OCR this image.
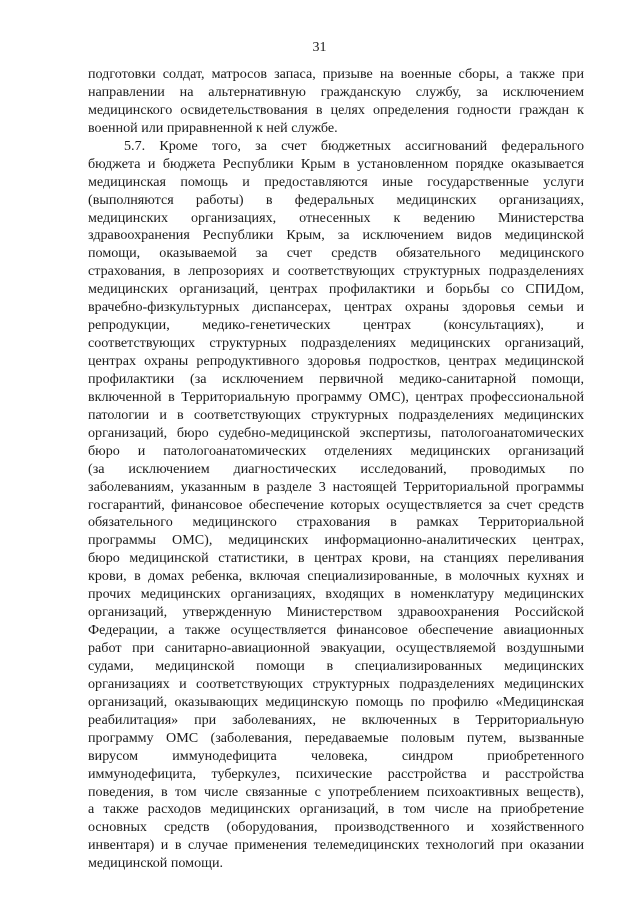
31
подготовки солдат, матросов запаса, призыве на военные сборы, а также при
направлении на альтернативную гражданскую службу, за исключением
медицинского освидетельствования в целях определения годности граждан к
военной или приравненной к ней службе.
5.7. Кроме того, за счет бюджетных ассигнований федерального
бюджета и бюджета Республики Крым в установленном порядке оказывается
медицинская помощь и предоставляются иные государственные услуги
(выполняются работы) в федеральных медицинских организациях,
медицинских организациях, отнесенных к ведению Министерства
здравоохранения Республики Крым, за исключением видов медицинской
помощи, оказываемой за счет средств обязательного медицинского
страхования, в лепрозориях и соответствующих структурных подразделениях
медицинских организаций, центрах профилактики и борьбы со СПИДом,
врачебно-физкультурных диспансерах, центрах охраны здоровья семьи и
репродукции, медико-генетических центрах (консультациях), и
соответствующих структурных подразделениях медицинских организаций,
центрах охраны репродуктивного здоровья подростков, центрах медицинской
профилактики (за исключением первичной медико-санитарной помощи,
включенной в Территориальную программу ОМС), центрах профессиональной
патологии и в соответствующих структурных подразделениях медицинских
организаций, бюро судебно-медицинской экспертизы, патологоанатомических
бюро и патологоанатомических отделениях медицинских организаций
(за исключением диагностических исследований, проводимых по
заболеваниям, указанным в разделе 3 настоящей Территориальной программы
госгарантий, финансовое обеспечение которых осуществляется за счет средств
обязательного медицинского страхования в рамках Территориальной
программы ОМС), медицинских информационно-аналитических центрах,
бюро медицинской статистики, в центрах крови, на станциях переливания
крови, в домах ребенка, включая специализированные, в молочных кухнях и
прочих медицинских организациях, входящих в номенклатуру медицинских
организаций, утвержденную Министерством здравоохранения Российской
Федерации, а также осуществляется финансовое обеспечение авиационных
работ при санитарно-авиационной эвакуации, осуществляемой воздушными
судами, медицинской помощи в специализированных медицинских
организациях и соответствующих структурных подразделениях медицинских
организаций, оказывающих медицинскую помощь по профилю «Медицинская
реабилитация» при заболеваниях, не включенных в Территориальную
программу ОМС (заболевания, передаваемые половым путем, вызванные
вирусом иммунодефицита человека, синдром приобретенного
иммунодефицита, туберкулез, психические расстройства и расстройства
поведения, в том числе связанные с употреблением психоактивных веществ),
а также расходов медицинских организаций, в том числе на приобретение
основных средств (оборудования, производственного и хозяйственного
инвентаря) и в случае применения телемедицинских технологий при оказании
медицинской помощи.
